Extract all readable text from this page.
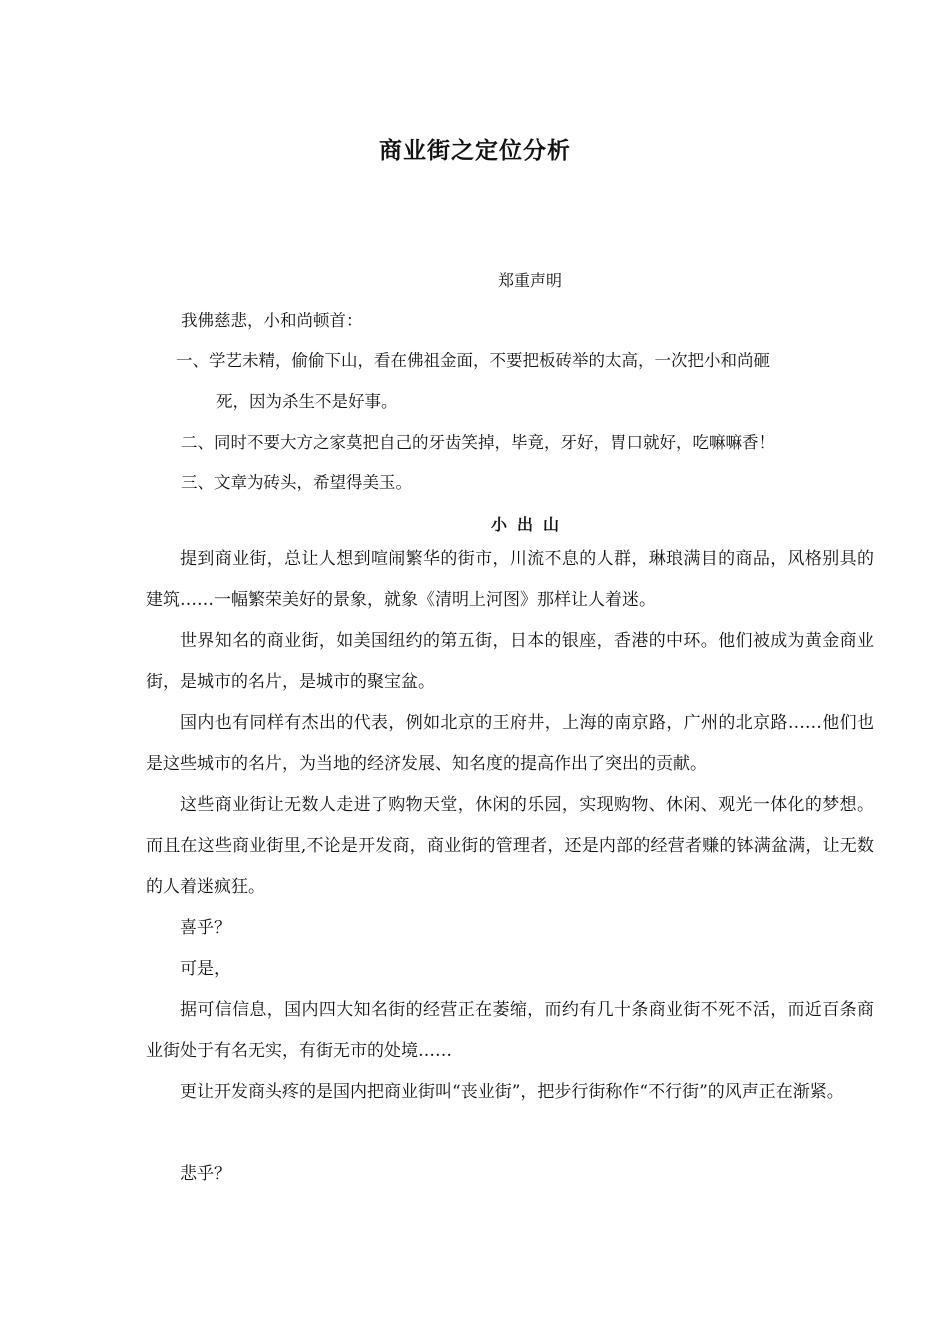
商业街之定位分析
郑重声明
我佛慈悲，小和尚顿首：
一、学艺未精，偷偷下山，看在佛祖金面，不要把板砖举的太高，一次把小和尚砸
死，因为杀生不是好事。
二、同时不要大方之家莫把自己的牙齿笑掉，毕竟，牙好，胃口就好，吃嘛嘛香！
三、文章为砖头，希望得美玉。
小出山
提到商业街，总让人想到喧闹繁华的街市，川流不息的人群，琳琅满目的商品，风格别具的建筑……一幅繁荣美好的景象，就象《清明上河图》那样让人着迷。
世界知名的商业街，如美国纽约的第五街，日本的银座，香港的中环。他们被成为黄金商业街，是城市的名片，是城市的聚宝盆。
国内也有同样有杰出的代表，例如北京的王府井，上海的南京路，广州的北京路……他们也是这些城市的名片，为当地的经济发展、知名度的提高作出了突出的贡献。
这些商业街让无数人走进了购物天堂，休闲的乐园，实现购物、休闲、观光一体化的梦想。而且在这些商业街里,不论是开发商，商业街的管理者，还是内部的经营者赚的钵满盆满，让无数的人着迷疯狂。
喜乎？
可是，
据可信信息，国内四大知名街的经营正在萎缩，而约有几十条商业街不死不活，而近百条商业街处于有名无实，有街无市的处境……
更让开发商头疼的是国内把商业街叫“丧业街”，把步行街称作“不行街”的风声正在渐紧。
悲乎？
